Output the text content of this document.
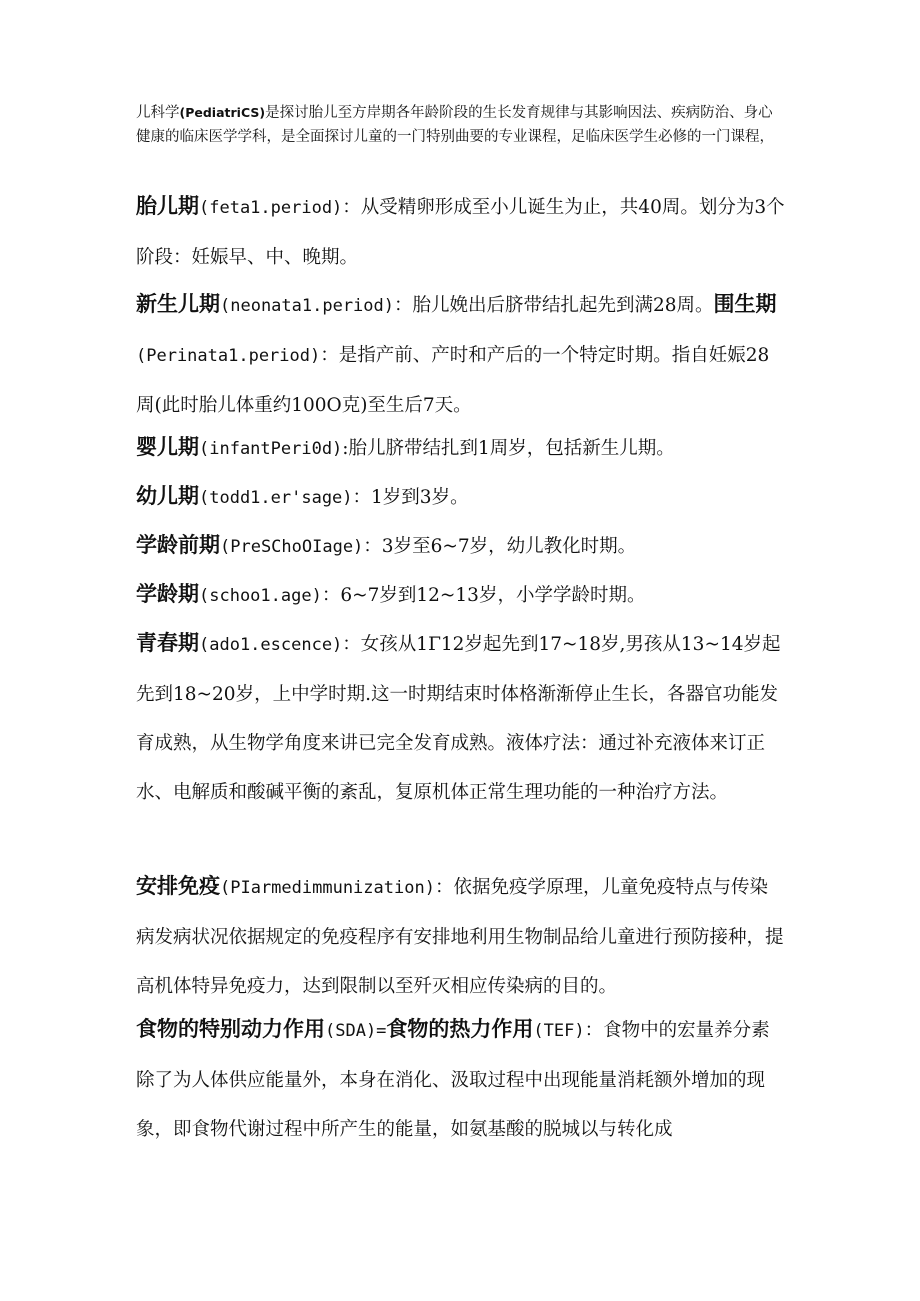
儿科学(PediatriCS)是探讨胎儿至方岸期各年龄阶段的生长发育规律与其影响因法、疾病防治、身心健康的临床医学学科，是全面探讨儿童的一门特别曲要的专业课程，足临床医学生必修的一门课程，

胎儿期(feta1.period)：从受精卵形成至小儿诞生为止，共40周。划分为3个阶段：妊娠早、中、晚期。

新生儿期(neonata1.period)：胎儿娩出后脐带结扎起先到满28周。围生期(Perinata1.period)：是指产前、产时和产后的一个特定时期。指自妊娠28周(此时胎儿体重约100O克)至生后7天。

婴儿期(infantPeri0d):胎儿脐带结扎到1周岁，包括新生儿期。

幼儿期(todd1.er'sage)：1岁到3岁。

学龄前期(PreSChoOIage)：3岁至6~7岁，幼儿教化时期。

学龄期(schoo1.age)：6~7岁到12~13岁，小学学龄时期。

青春期(ado1.escence)：女孩从1Γ12岁起先到17~18岁,男孩从13~14岁起先到18~20岁，上中学时期.这一时期结束时体格渐渐停止生长，各器官功能发育成熟，从生物学角度来讲已完全发育成熟。液体疗法：通过补充液体来订正水、电解质和酸碱平衡的紊乱，复原机体正常生理功能的一种治疗方法。

安排免疫(PIarmedimmunization)：依据免疫学原理，儿童免疫特点与传染病发病状况依据规定的免疫程序有安排地利用生物制品给儿童进行预防接种，提高机体特异免疫力，达到限制以至歼灭相应传染病的目的。

食物的特别动力作用(SDA)=食物的热力作用(TEF)：食物中的宏量养分素除了为人体供应能量外，本身在消化、汲取过程中出现能量消耗额外增加的现象，即食物代谢过程中所产生的能量，如氨基酸的脱城以与转化成
